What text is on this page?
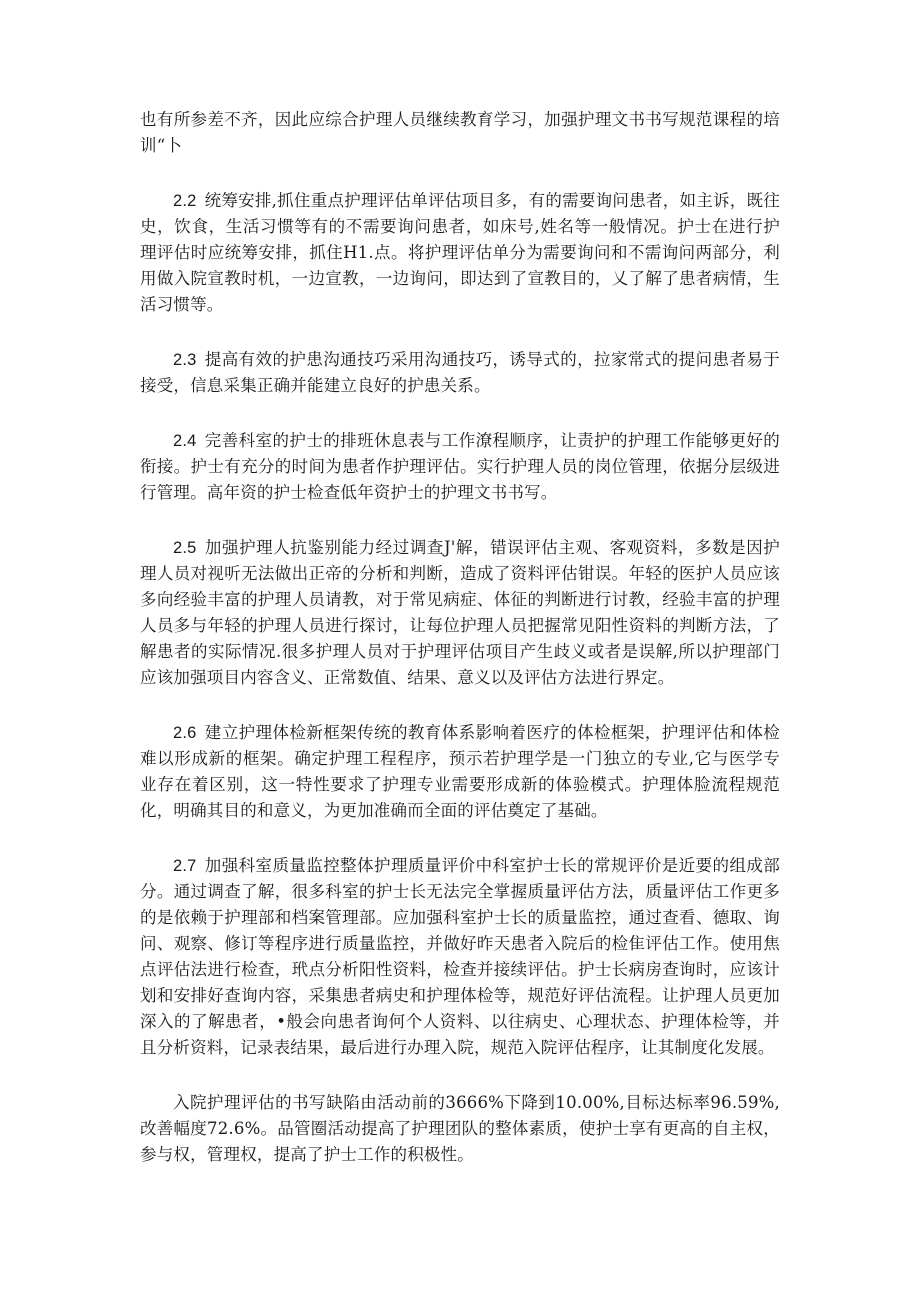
也有所参差不齐，因此应综合护理人员继续教育学习，加强护理文书书写规范课程的培训“卜

2.2 统筹安排,抓住重点护理评估单评估项目多，有的需要询问患者，如主诉，既往史，饮食，生活习惯等有的不需要询问患者，如床号,姓名等一般情况。护士在进行护理评估时应统筹安排，抓住H1.点。将护理评估单分为需要询问和不需询问两部分，利用做入院宣教时机，一边宣教，一边询问，即达到了宣教目的，乂了解了患者病情，生活习惯等。

2.3 提高有效的护患沟通技巧采用沟通技巧，诱导式的，拉家常式的提问患者易于接受，信息采集正确并能建立良好的护患关系。

2.4 完善科室的护士的排班休息表与工作潦程顺序，让责护的护理工作能够更好的衔接。护士有充分的时间为患者作护理评估。实行护理人员的岗位管理，依据分层级进行管理。高年资的护士检查低年资护士的护理文书书写。

2.5 加强护理人抗鉴别能力经过调查J'解，错误评估主观、客观资料，多数是因护理人员对视听无法做出正帝的分析和判断，造成了资料评估钳误。年轻的医护人员应该多向经验丰富的护理人员请教，对于常见病症、体征的判断进行讨教，经验丰富的护理人员多与年轻的护理人员进行探讨，让每位护理人员把握常见阳性资料的判断方法，了解患者的实际情况.很多护理人员对于护理评估项目产生歧义或者是误解,所以护理部门应该加强项目内容含义、正常数值、结果、意义以及评估方法进行界定。

2.6 建立护理体检新框架传统的教育体系影响着医疗的体检框架，护理评估和体检难以形成新的框架。确定护理工程程序，预示若护理学是一门独立的专业,它与医学专业存在着区别，这一特性要求了护理专业需要形成新的体验模式。护理体脸流程规范化，明确其目的和意义，为更加准确而全面的评估奠定了基础。

2.7 加强科室质量监控整体护理质量评价中科室护士长的常规评价是近要的组成部分。通过调查了解，很多科室的护士长无法完全掌握质量评估方法，质量评估工作更多的是依赖于护理部和档案管理部。应加强科室护士长的质量监控，通过查看、德取、询问、观察、修订等程序进行质量监控，并做好昨天患者入院后的检隹评估工作。使用焦点评估法进行检查，玳点分析阳性资料，检查并接续评估。护士长病房查询时，应该计划和安排好查询内容，采集患者病史和护理体检等，规范好评估流程。让护理人员更加深入的了解患者，•般会向患者询何个人资料、以往病史、心理状态、护理体检等，并且分析资料，记录表结果，最后进行办理入院，规范入院评估程序，让其制度化发展。

入院护理评估的书写缺陷由活动前的3666%下降到10.00%,目标达标率96.59%,改善幅度72.6%。品管圈活动提高了护理团队的整体素质，使护士享有更高的自主权，参与权，管理权，提高了护士工作的积极性。
